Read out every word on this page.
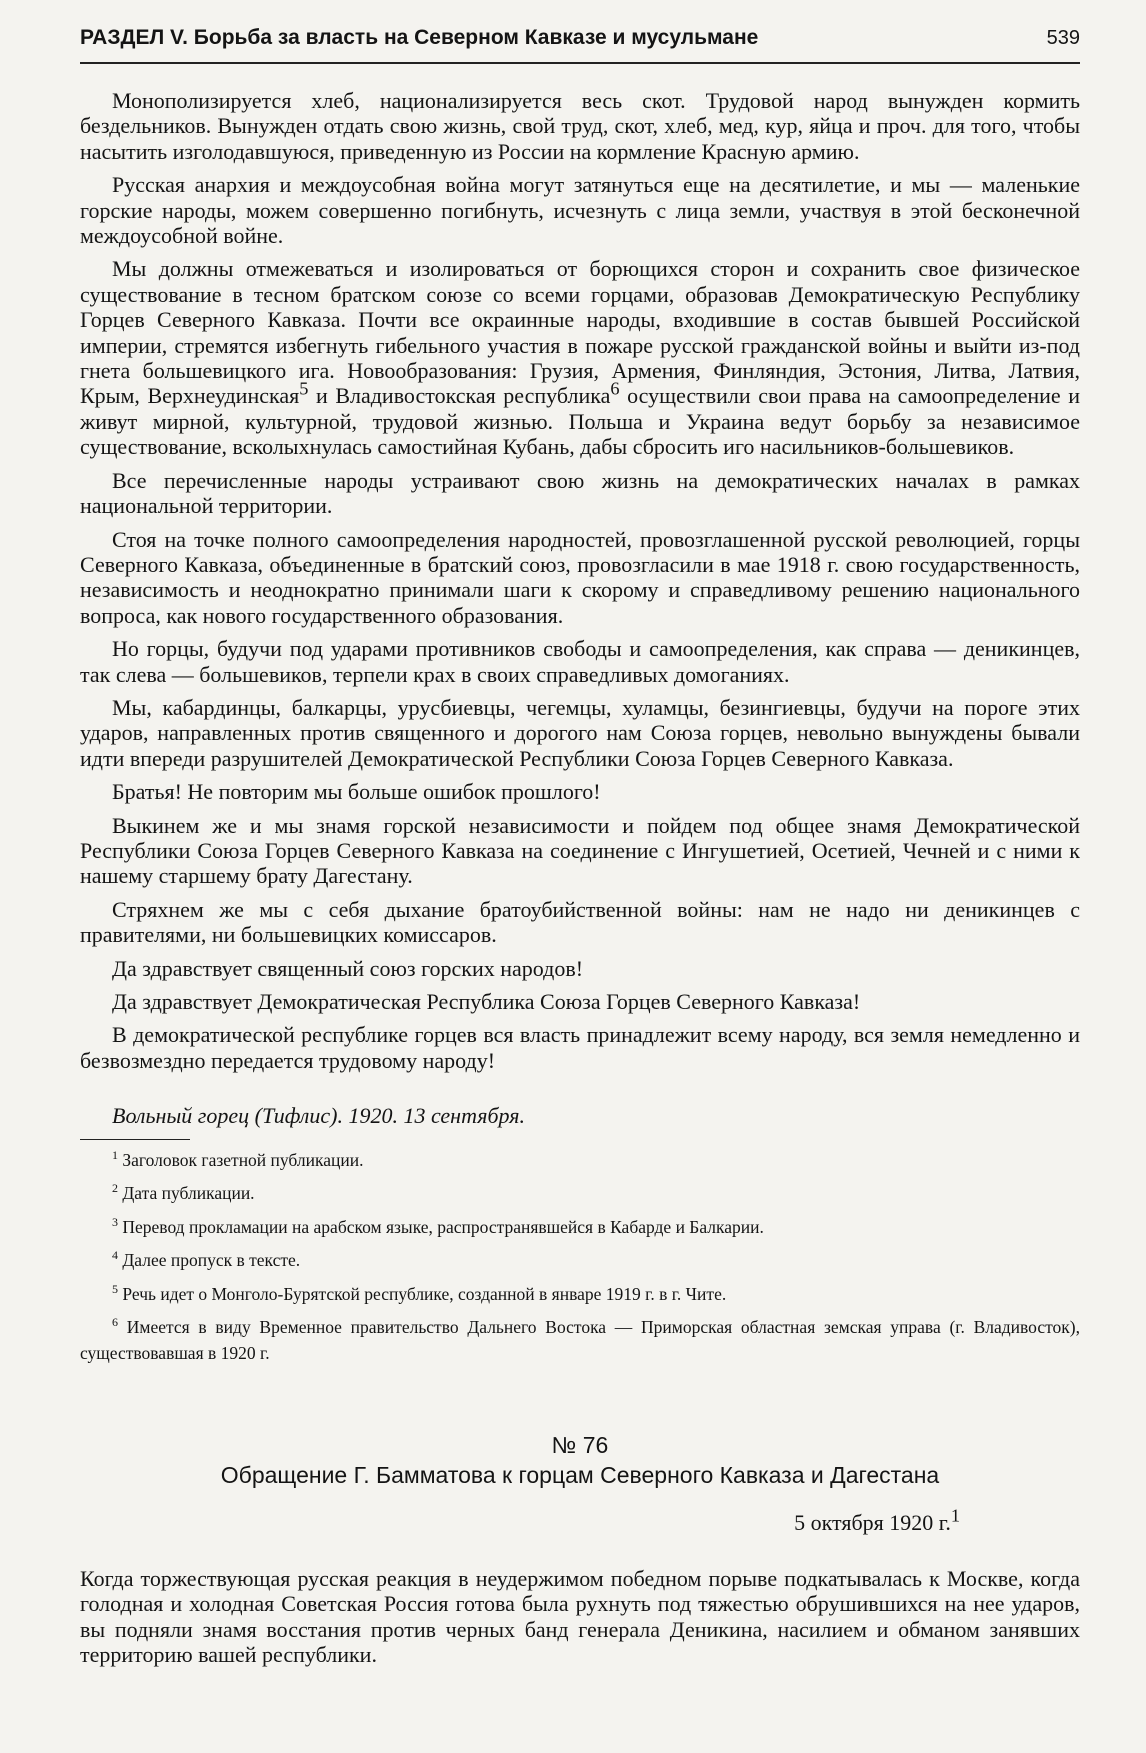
РАЗДЕЛ V. Борьба за власть на Северном Кавказе и мусульмане	539

Монополизируется хлеб, национализируется весь скот. Трудовой народ вынужден кормить бездельников. Вынужден отдать свою жизнь, свой труд, скот, хлеб, мед, кур, яйца и проч. для того, чтобы насытить изголодавшуюся, приведенную из России на кормление Красную армию.

Русская анархия и междоусобная война могут затянуться еще на десятилетие, и мы — маленькие горские народы, можем совершенно погибнуть, исчезнуть с лица земли, участвуя в этой бесконечной междоусобной войне.

Мы должны отмежеваться и изолироваться от борющихся сторон и сохранить свое физическое существование в тесном братском союзе со всеми горцами, образовав Демократическую Республику Горцев Северного Кавказа. Почти все окраинные народы, входившие в состав бывшей Российской империи, стремятся избегнуть гибельного участия в пожаре русской гражданской войны и выйти из-под гнета большевицкого ига. Новообразования: Грузия, Армения, Финляндия, Эстония, Литва, Латвия, Крым, Верхнеудинская$^5$ и Владивостокская республика$^6$ осуществили свои права на самоопределение и живут мирной, культурной, трудовой жизнью. Польша и Украина ведут борьбу за независимое существование, всколыхнулась самостийная Кубань, дабы сбросить иго насильников-большевиков.

Все перечисленные народы устраивают свою жизнь на демократических началах в рамках национальной территории.

Стоя на точке полного самоопределения народностей, провозглашенной русской революцией, горцы Северного Кавказа, объединенные в братский союз, провозгласили в мае 1918 г. свою государственность, независимость и неоднократно принимали шаги к скорому и справедливому решению национального вопроса, как нового государственного образования.

Но горцы, будучи под ударами противников свободы и самоопределения, как справа — деникинцев, так слева — большевиков, терпели крах в своих справедливых домоганиях.

Мы, кабардинцы, балкарцы, урусбиевцы, чегемцы, хуламцы, безингиевцы, будучи на пороге этих ударов, направленных против священного и дорогого нам Союза горцев, невольно вынуждены бывали идти впереди разрушителей Демократической Республики Союза Горцев Северного Кавказа.

Братья! Не повторим мы больше ошибок прошлого!

Выкинем же и мы знамя горской независимости и пойдем под общее знамя Демократической Республики Союза Горцев Северного Кавказа на соединение с Ингушетией, Осетией, Чечней и с ними к нашему старшему брату Дагестану.

Стряхнем же мы с себя дыхание братоубийственной войны: нам не надо ни деникинцев с правителями, ни большевицких комиссаров.

Да здравствует священный союз горских народов!

Да здравствует Демократическая Республика Союза Горцев Северного Кавказа!

В демократической республике горцев вся власть принадлежит всему народу, вся земля немедленно и безвозмездно передается трудовому народу!

Вольный горец (Тифлис). 1920. 13 сентября.

$^1$ Заголовок газетной публикации.

$^2$ Дата публикации.

$^3$ Перевод прокламации на арабском языке, распространявшейся в Кабарде и Балкарии.

$^4$ Далее пропуск в тексте.

$^5$ Речь идет о Монголо-Бурятской республике, созданной в январе 1919 г. в г. Чите.

$^6$ Имеется в виду Временное правительство Дальнего Востока — Приморская областная земская управа (г. Владивосток), существовавшая в 1920 г.

№ 76
Обращение Г. Бамматова к горцам Северного Кавказа и Дагестана
5 октября 1920 г.$^1$

Когда торжествующая русская реакция в неудержимом победном порыве подкатывалась к Москве, когда голодная и холодная Советская Россия готова была рухнуть под тяжестью обрушившихся на нее ударов, вы подняли знамя восстания против черных банд генерала Деникина, насилием и обманом занявших территорию вашей республики.
